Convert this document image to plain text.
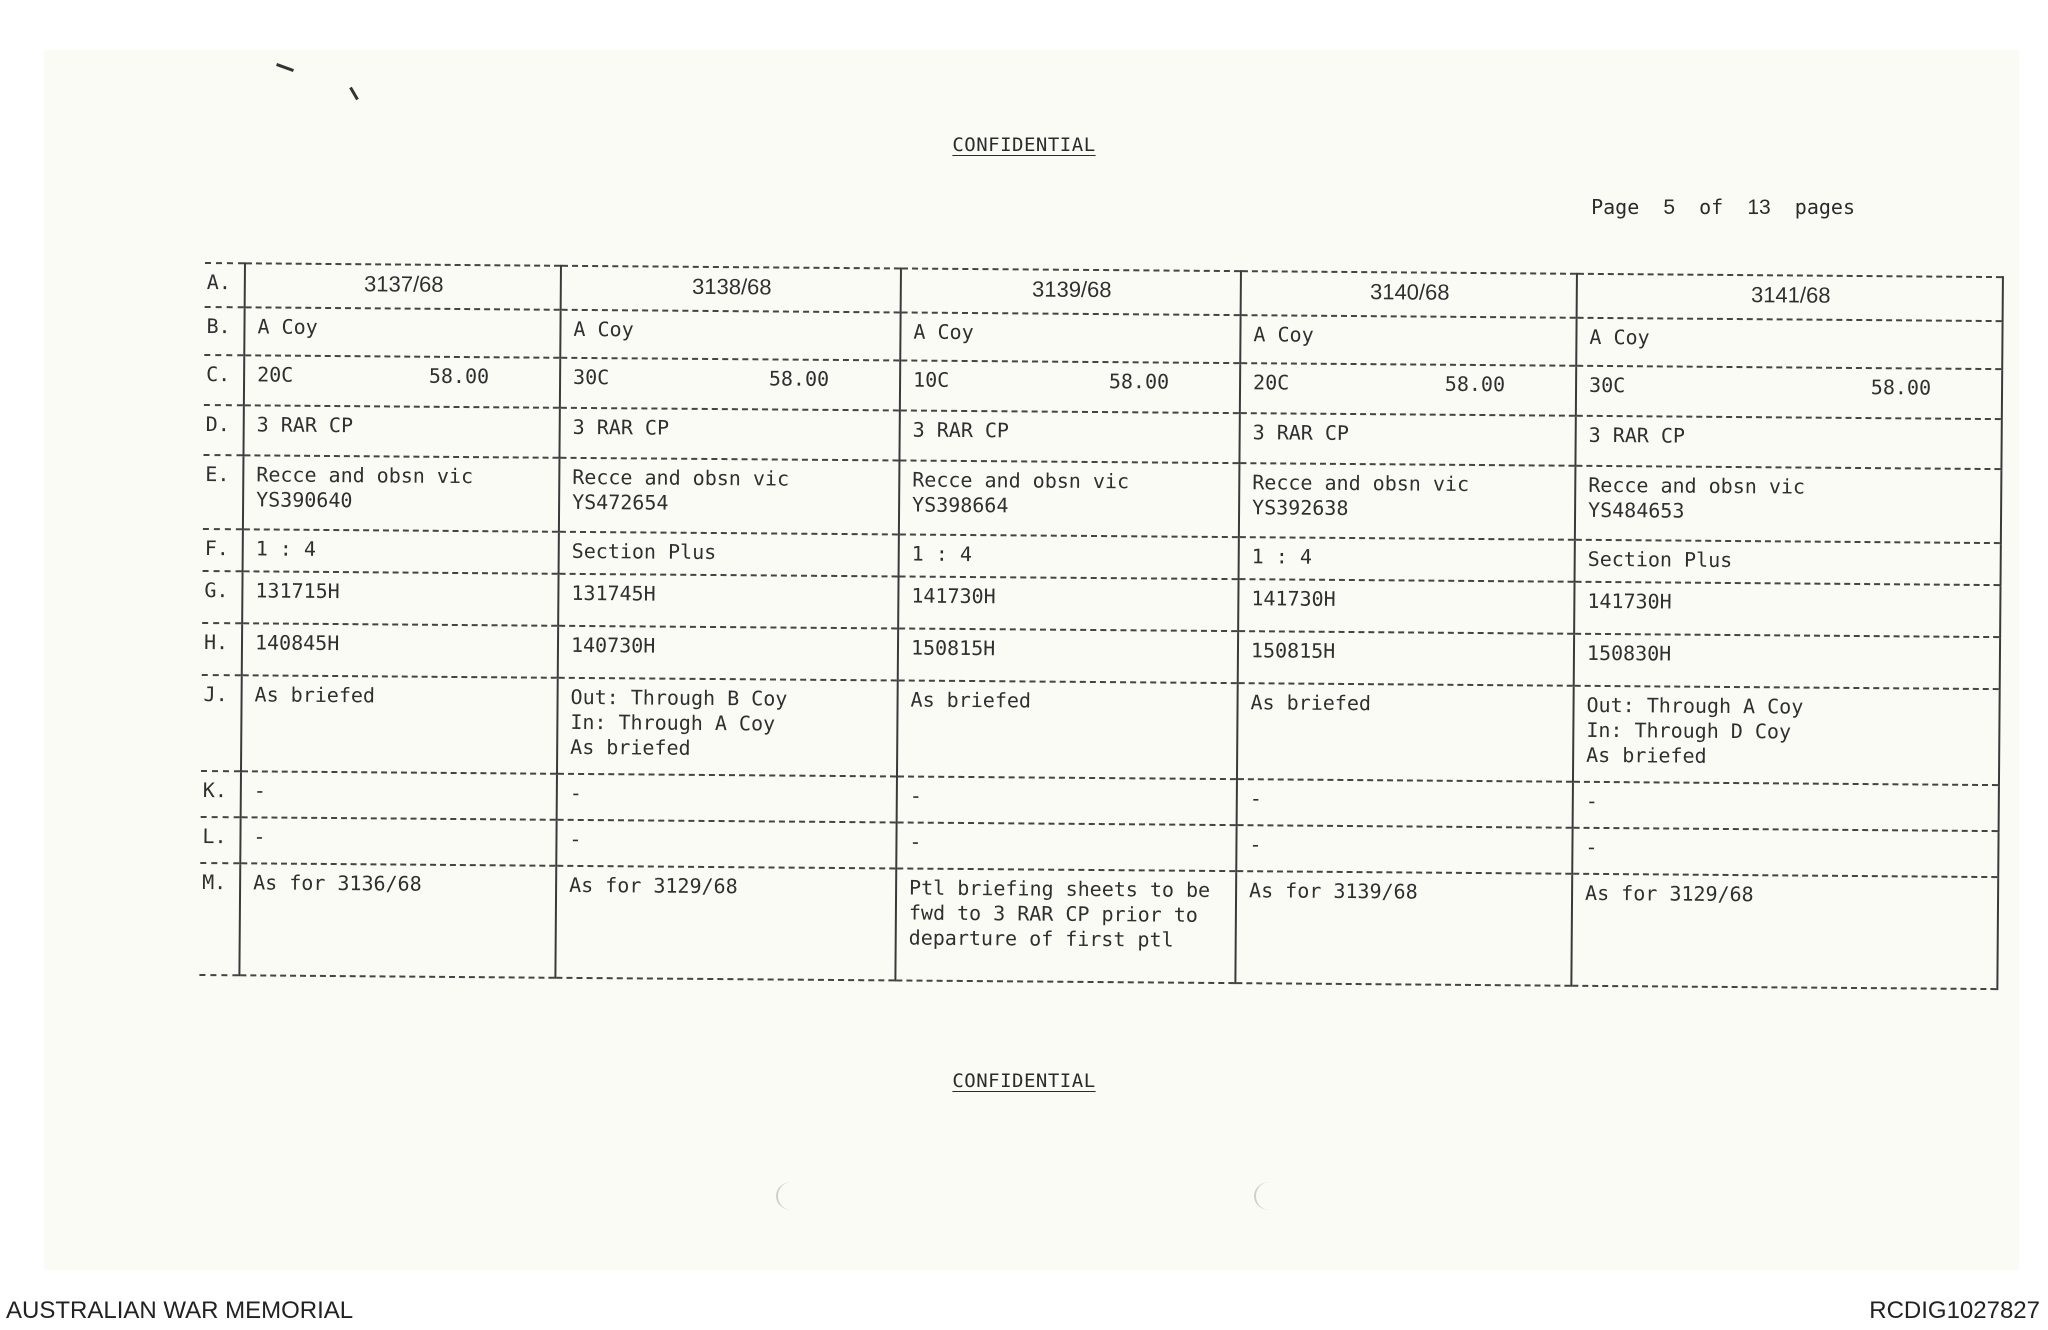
CONFIDENTIAL
Page 5 of 13 pages
A.	3137/68	3138/68	3139/68	3140/68	3141/68

B.	A Coy	A Coy	A Coy	A Coy	A Coy

C.	20C 58.00	30C 58.00	10C 58.00	20C 58.00	30C 58.00

D.	3 RAR CP	3 RAR CP	3 RAR CP	3 RAR CP	3 RAR CP

E.	Recce and obsn vic
YS390640	Recce and obsn vic
YS472654	Recce and obsn vic
YS398664	Recce and obsn vic
YS392638	Recce and obsn vic
YS484653

F.	1 : 4	Section Plus	1 : 4	1 : 4	Section Plus

G.	131715H	131745H	141730H	141730H	141730H

H.	140845H	140730H	150815H	150815H	150830H

J.	As briefed	Out: Through B Coy
In: Through A Coy
As briefed	As briefed	As briefed	Out: Through A Coy
In: Through D Coy
As briefed

K.	-	-	-	-	-

L.	-	-	-	-	-

M.	As for 3136/68	As for 3129/68	Ptl briefing sheets to be
fwd to 3 RAR CP prior to
departure of first ptl	As for 3139/68	As for 3129/68
CONFIDENTIAL
AUSTRALIAN WAR MEMORIAL	RCDIG1027827
